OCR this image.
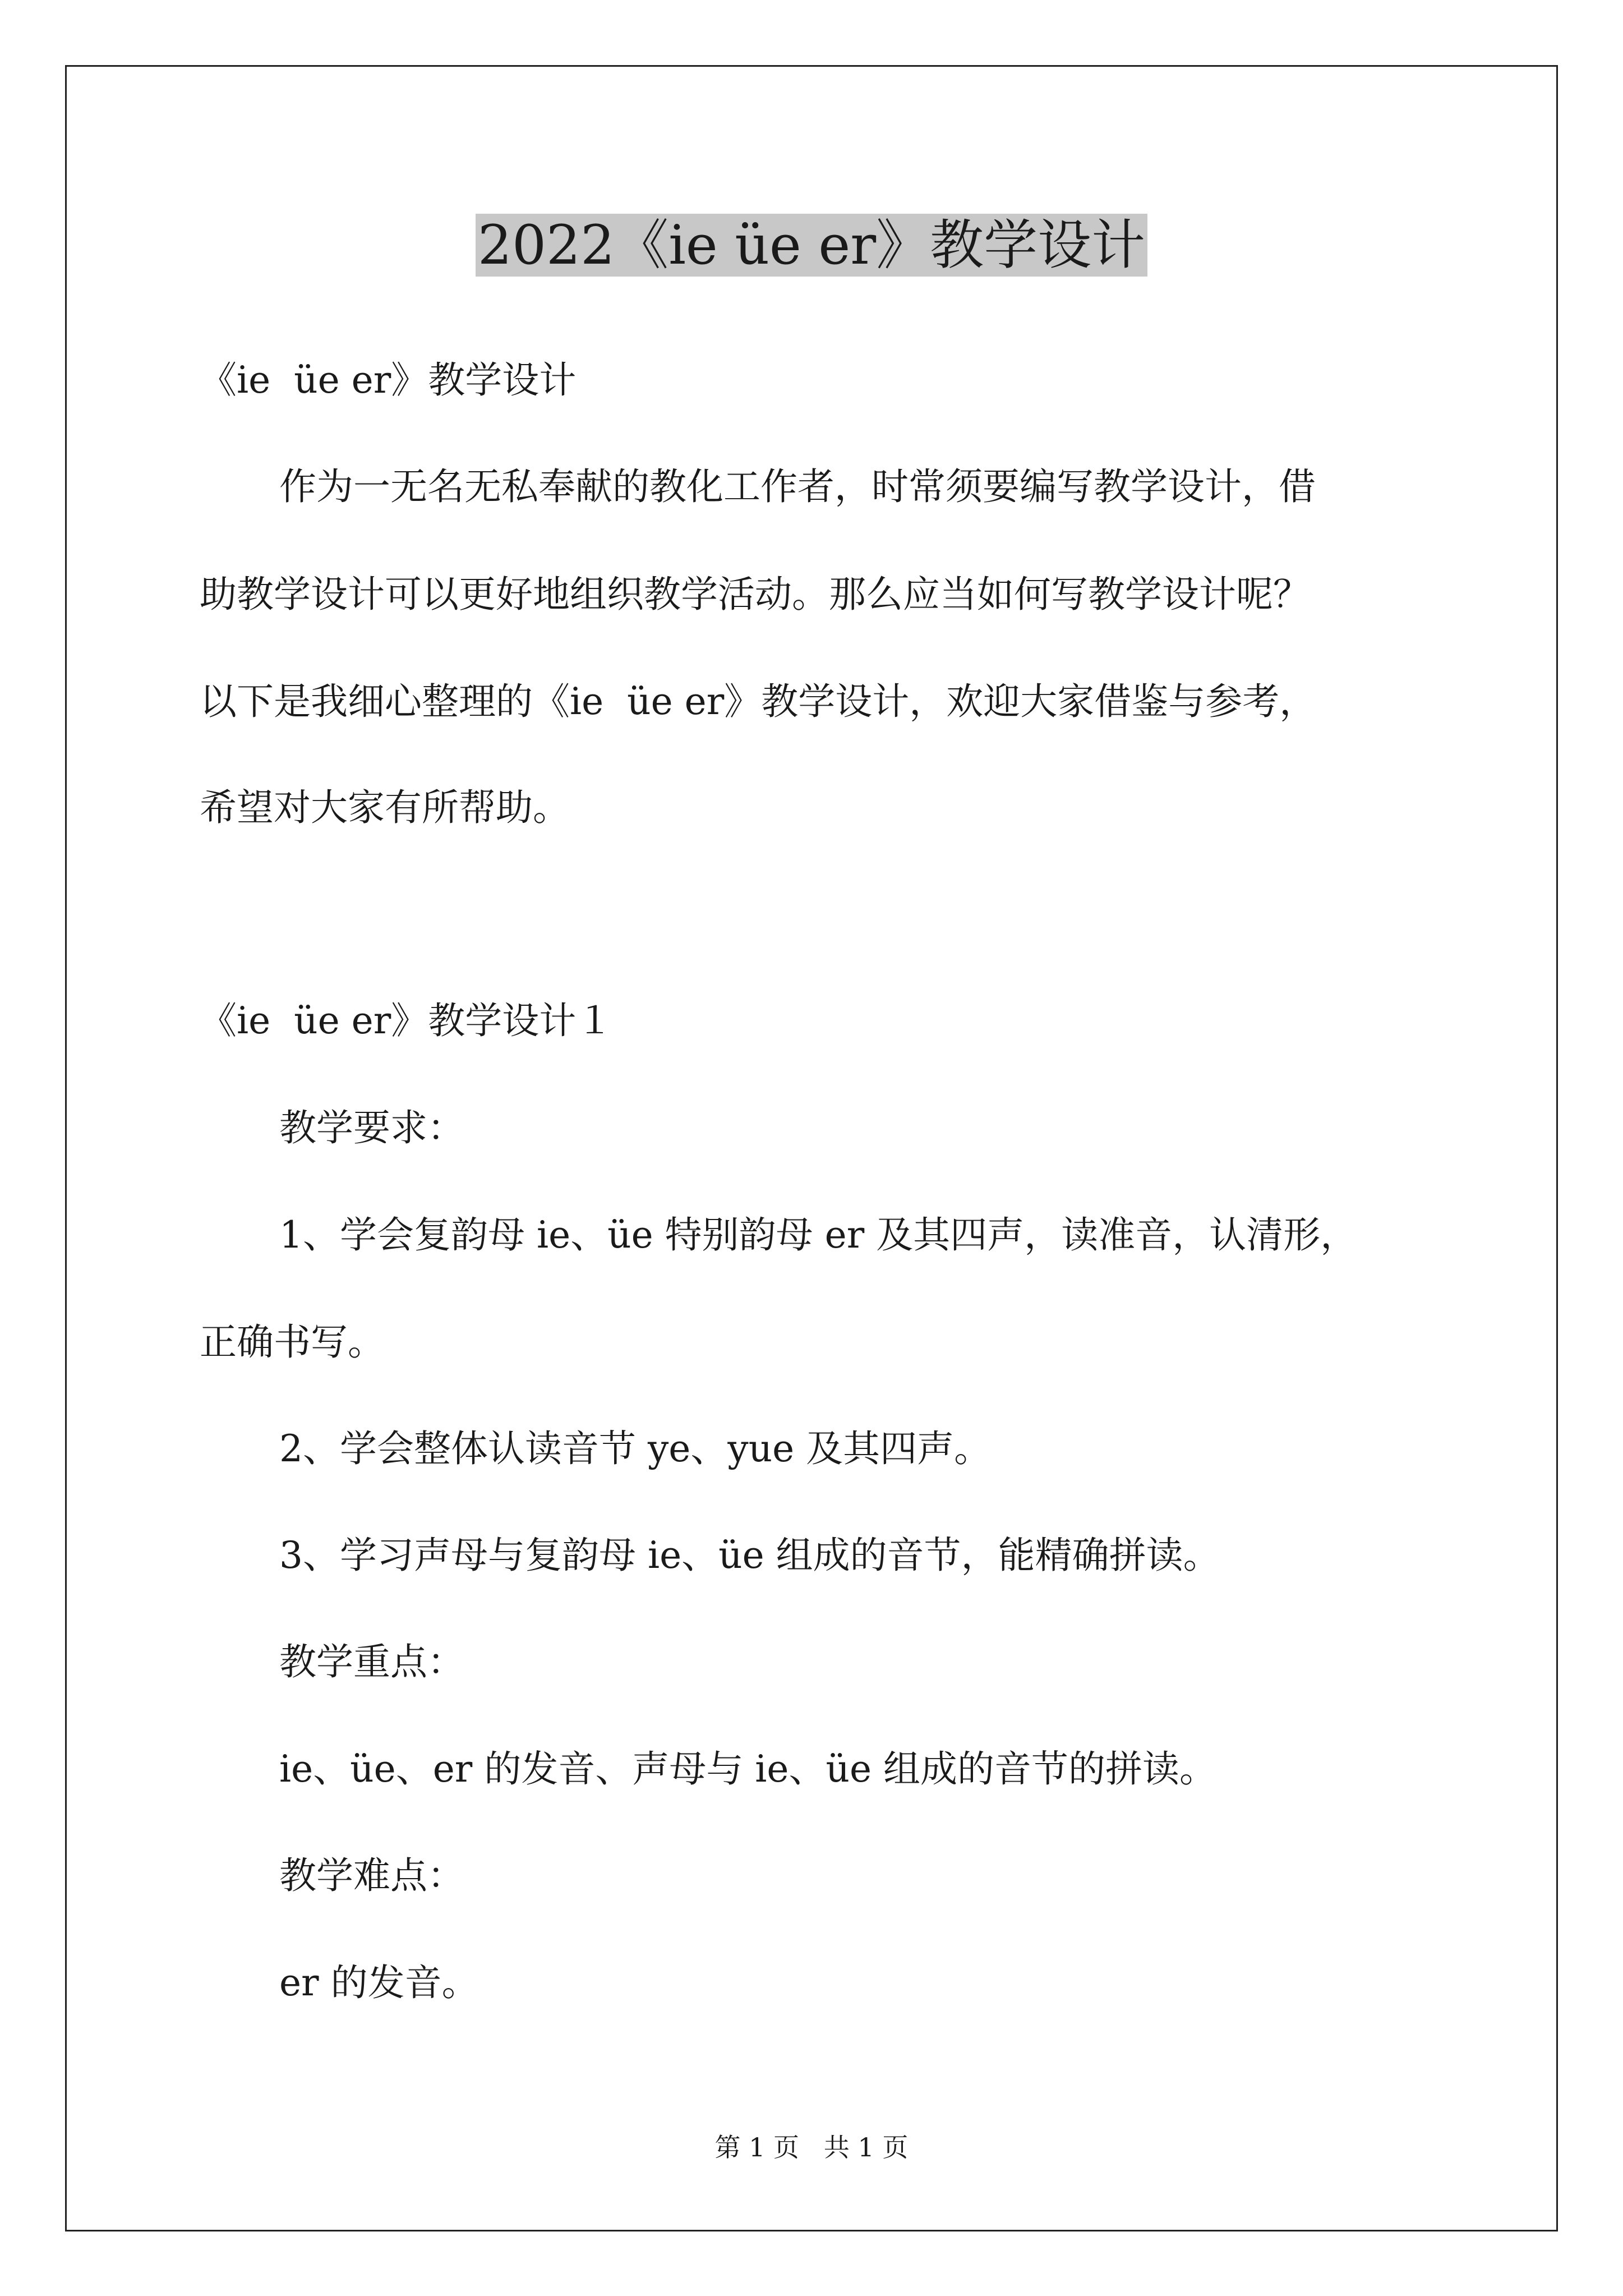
2022《ie üe er》教学设计
《ie  üe er》教学设计
作为一无名无私奉献的教化工作者，时常须要编写教学设计，借
助教学设计可以更好地组织教学活动。那么应当如何写教学设计呢？
以下是我细心整理的《ie  üe er》教学设计，欢迎大家借鉴与参考，
希望对大家有所帮助。
《ie  üe er》教学设计１
教学要求：
1、学会复韵母 ie、üe 特别韵母 er 及其四声，读准音，认清形，
正确书写。
2、学会整体认读音节 ye、yue 及其四声。
3、学习声母与复韵母 ie、üe 组成的音节，能精确拼读。
教学重点：
ie、üe、er 的发音、声母与 ie、üe 组成的音节的拼读。
教学难点：
er 的发音。
第 1 页   共 1 页
